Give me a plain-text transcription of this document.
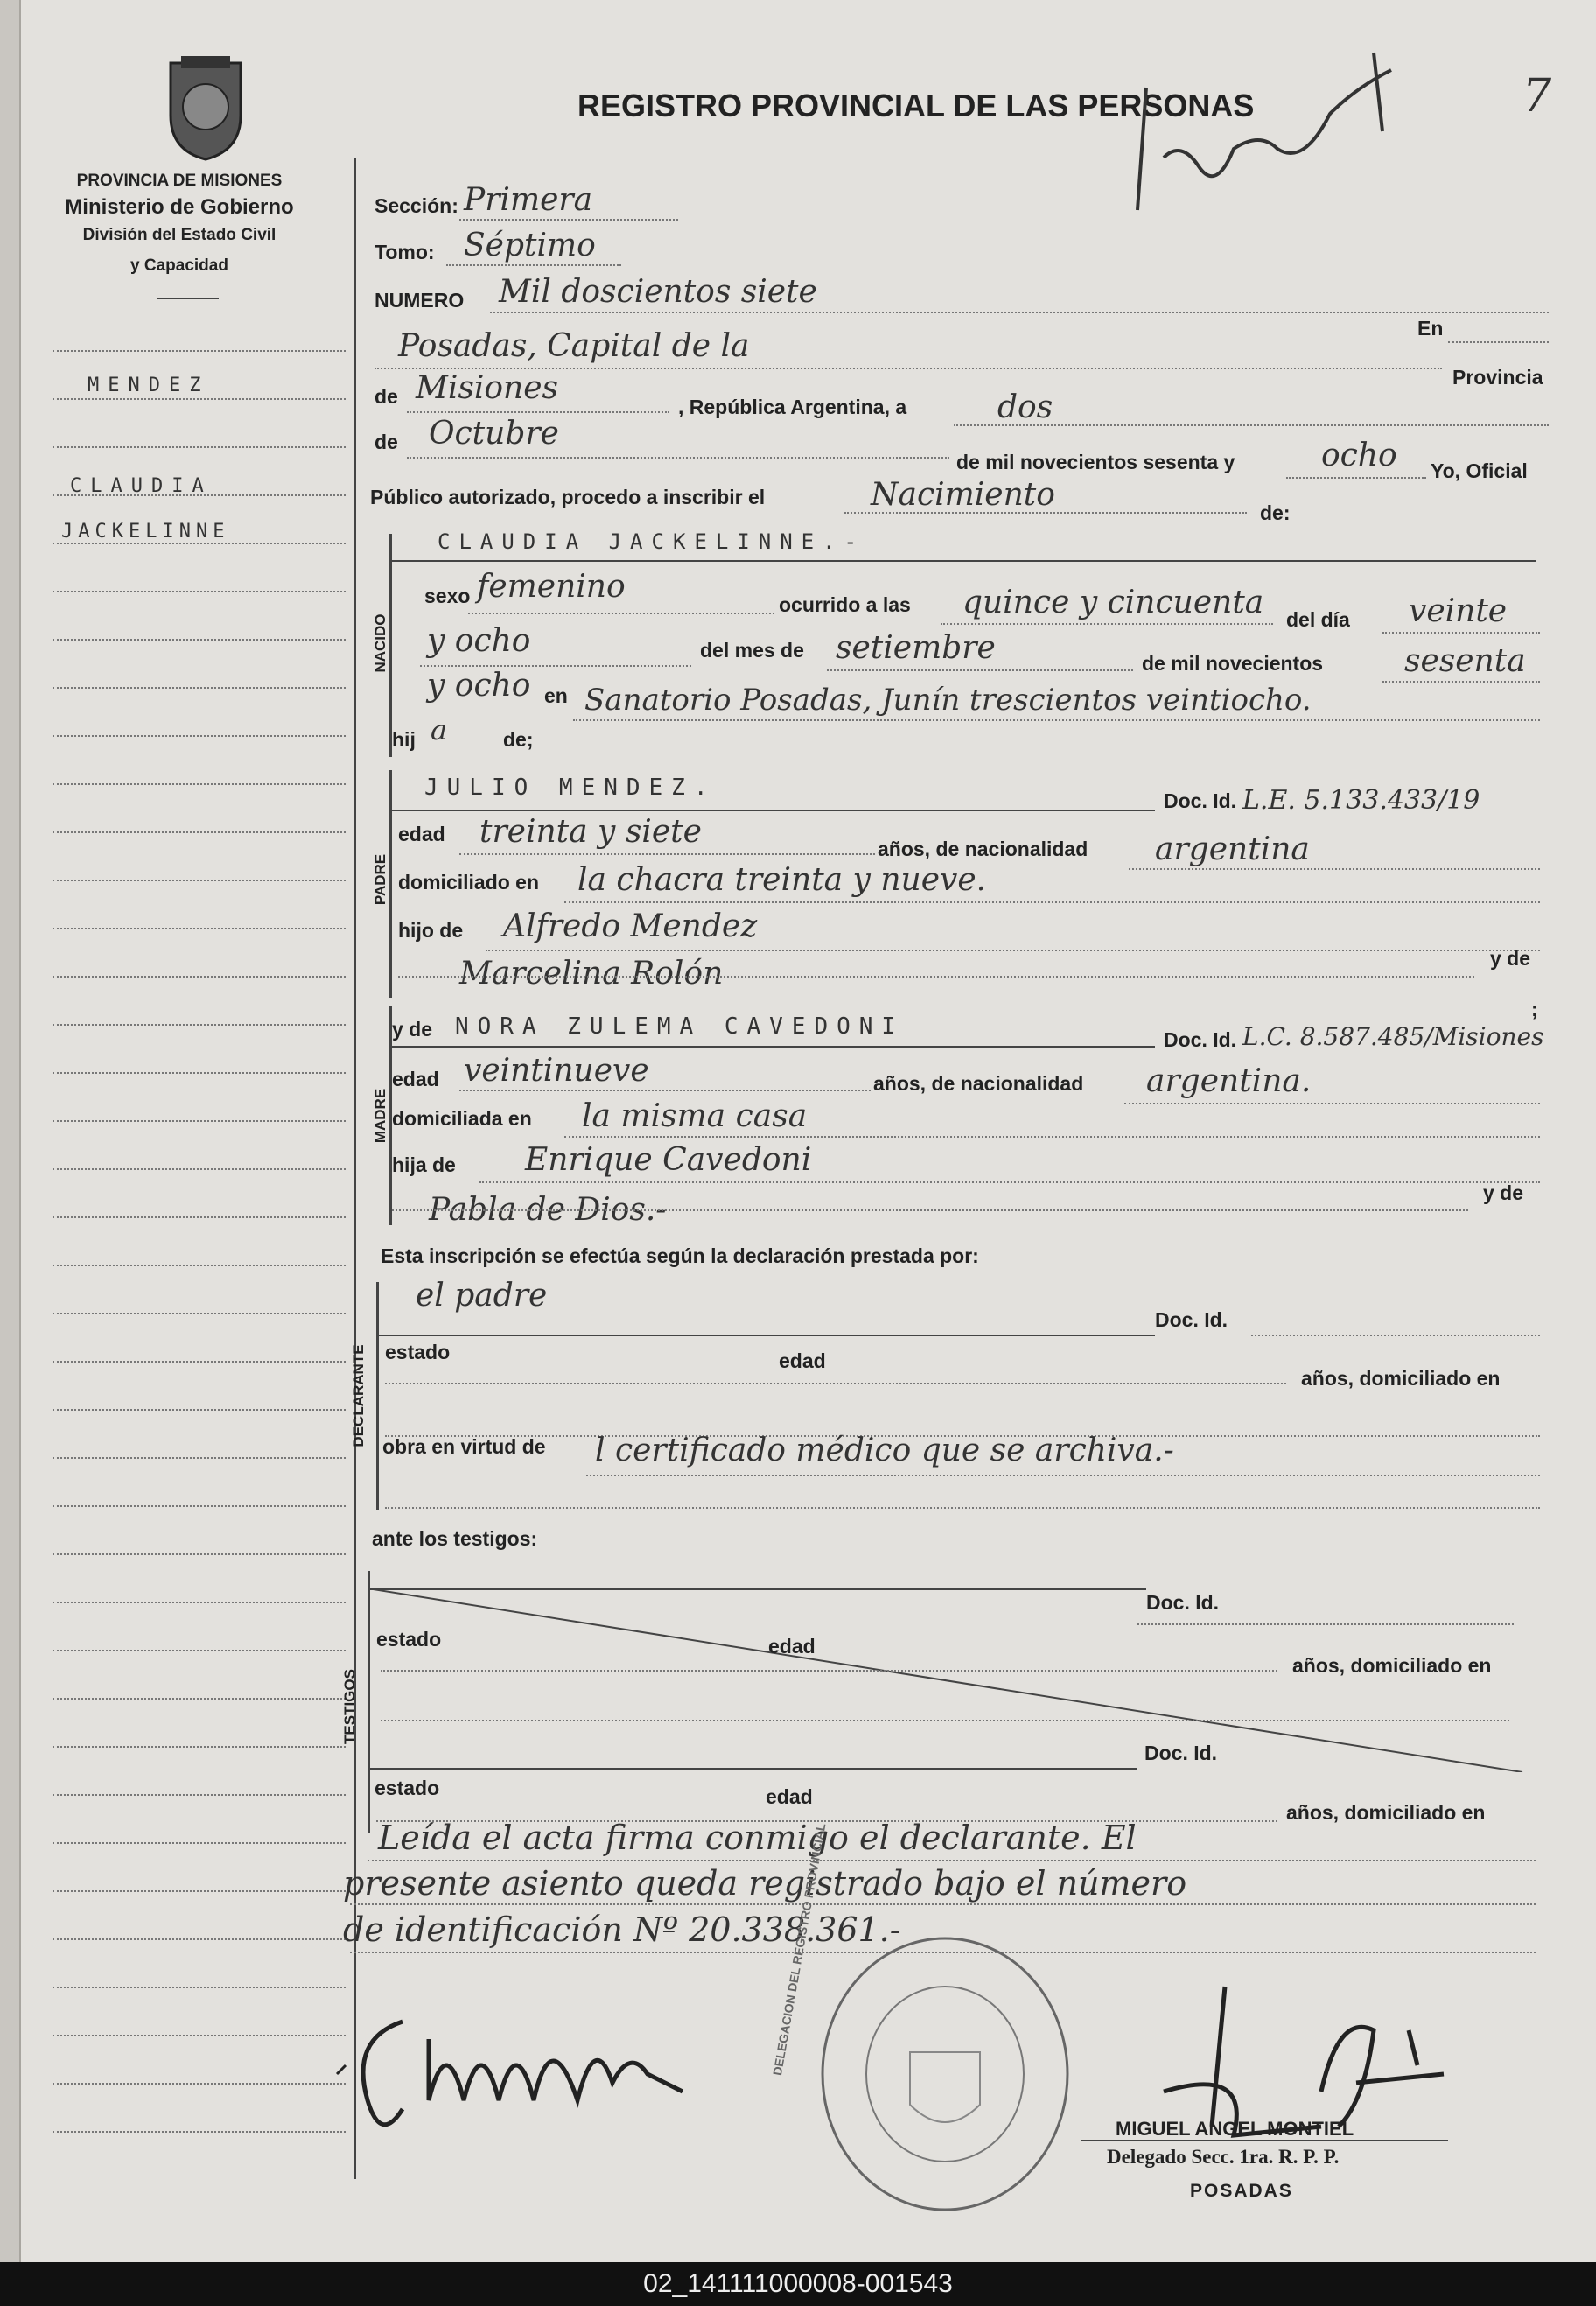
7
PROVINCIA DE MISIONES
Ministerio de Gobierno
División del Estado Civil
y Capacidad
REGISTRO PROVINCIAL DE LAS PERSONAS
MENDEZ
CLAUDIA
JACKELINNE
Sección: Primera
Tomo: Séptimo
NUMERO Mil doscientos siete
En
Posadas, Capital de la
Provincia
de Misiones
, República Argentina, a	dos
de Octubre
de mil novecientos sesenta y	ocho Yo, Oficial
Público autorizado, procedo a inscribir el	Nacimiento	de:
NACIDO
CLAUDIA JACKELINNE.-
sexo femenino	ocurrido a las quince y cincuenta del día veinte
y ocho	del mes de setiembre	de mil novecientos	sesenta
y ocho en Sanatorio Posadas, Junín trescientos veintiocho.
hij a	de;
PADRE
JULIO MENDEZ.	Doc. Id. L.E. 5.133.433/19
edad treinta y siete	años, de nacionalidad argentina
domiciliado en la chacra treinta y nueve.
hijo de Alfredo Mendez
Marcelina Rolón	y de
;
MADRE
y de NORA ZULEMA CAVEDONI	Doc. Id. L.C. 8.587.485/Misiones
edad veintinueve	años, de nacionalidad argentina.
domiciliada en la misma casa
hija de Enrique Cavedoni
Pabla de Dios.-	y de
Esta inscripción se efectúa según la declaración prestada por:
DECLARANTE
el padre
Doc. Id.
estado	edad
años, domiciliado en
obra en virtud de l certificado médico que se archiva.-
ante los testigos:
TESTIGOS
Doc. Id.
estado	edad
años, domiciliado en
Doc. Id.
estado	edad
años, domiciliado en
Leída el acta firma conmigo el declarante. El
presente asiento queda registrado bajo el número
de identificación Nº 20.338.361.-
DELEGACION DEL REGISTRO PROVINCIAL
MIGUEL ANGEL MONTIEL
Delegado Secc. 1ra. R. P. P.
POSADAS
02_141111000008-001543
